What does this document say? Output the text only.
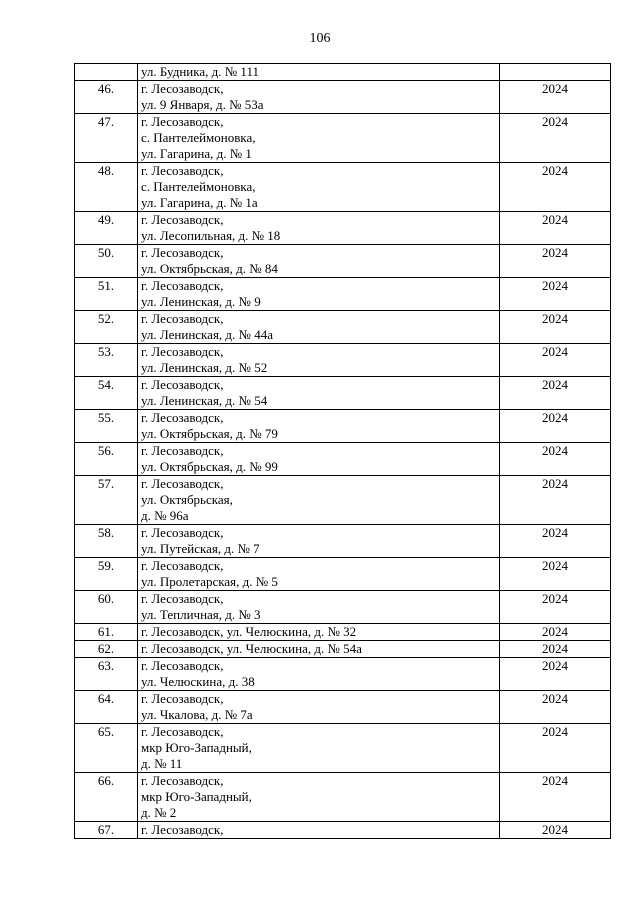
106

	ул. Будника, д. № 111	

46.	г. Лесозаводск,
ул. 9 Января, д. № 53а	2024
47.	г. Лесозаводск,
с. Пантелеймоновка,
ул. Гагарина, д. № 1	2024
48.	г. Лесозаводск,
с. Пантелеймоновка,
ул. Гагарина, д. № 1а	2024
49.	г. Лесозаводск,
ул. Лесопильная, д. № 18	2024
50.	г. Лесозаводск,
ул. Октябрьская, д. № 84	2024
51.	г. Лесозаводск,
ул. Ленинская, д. № 9	2024
52.	г. Лесозаводск,
ул. Ленинская, д. № 44а	2024
53.	г. Лесозаводск,
ул. Ленинская, д. № 52	2024
54.	г. Лесозаводск,
ул. Ленинская, д. № 54	2024
55.	г. Лесозаводск,
ул. Октябрьская, д. № 79	2024
56.	г. Лесозаводск,
ул. Октябрьская, д. № 99	2024
57.	г. Лесозаводск,
ул. Октябрьская,
д. № 96а	2024
58.	г. Лесозаводск,
ул. Путейская, д. № 7	2024
59.	г. Лесозаводск,
ул. Пролетарская, д. № 5	2024
60.	г. Лесозаводск,
ул. Тепличная, д. № 3	2024
61.	г. Лесозаводск, ул. Челюскина, д. № 32	2024
62.	г. Лесозаводск, ул. Челюскина, д. № 54а	2024
63.	г. Лесозаводск,
ул. Челюскина, д. 38	2024
64.	г. Лесозаводск,
ул. Чкалова, д. № 7а	2024
65.	г. Лесозаводск,
мкр Юго-Западный,
д. № 11	2024
66.	г. Лесозаводск,
мкр Юго-Западный,
д. № 2	2024
67.	г. Лесозаводск,	2024
